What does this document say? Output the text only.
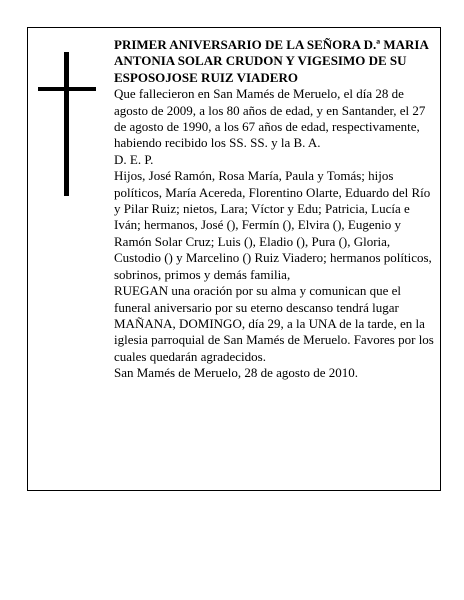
PRIMER ANIVERSARIO DE LA SEÑORA D.ª MARIA ANTONIA SOLAR CRUDON Y VIGESIMO DE SU ESPOSOJOSE RUIZ VIADERO

Que fallecieron en San Mamés de Meruelo, el día 28 de agosto de 2009, a los 80 años de edad, y en Santander, el 27 de agosto de 1990, a los 67 años de edad, respectivamente, habiendo recibido los SS. SS. y la B. A.

D. E. P.

Hijos, José Ramón, Rosa María, Paula y Tomás; hijos políticos, María Acereda, Florentino Olarte, Eduardo del Río y Pilar Ruiz; nietos, Lara; Víctor y Edu; Patricia, Lucía e Iván; hermanos, José (), Fermín (), Elvira (), Eugenio y Ramón Solar Cruz; Luis (), Eladio (), Pura (), Gloria, Custodio () y Marcelino () Ruiz Viadero; hermanos políticos, sobrinos, primos y demás familia,

RUEGAN una oración por su alma y comunican que el funeral aniversario por su eterno descanso tendrá lugar MAÑANA, DOMINGO, día 29, a la UNA de la tarde, en la iglesia parroquial de San Mamés de Meruelo. Favores por los cuales quedarán agradecidos.

San Mamés de Meruelo, 28 de agosto de 2010.
